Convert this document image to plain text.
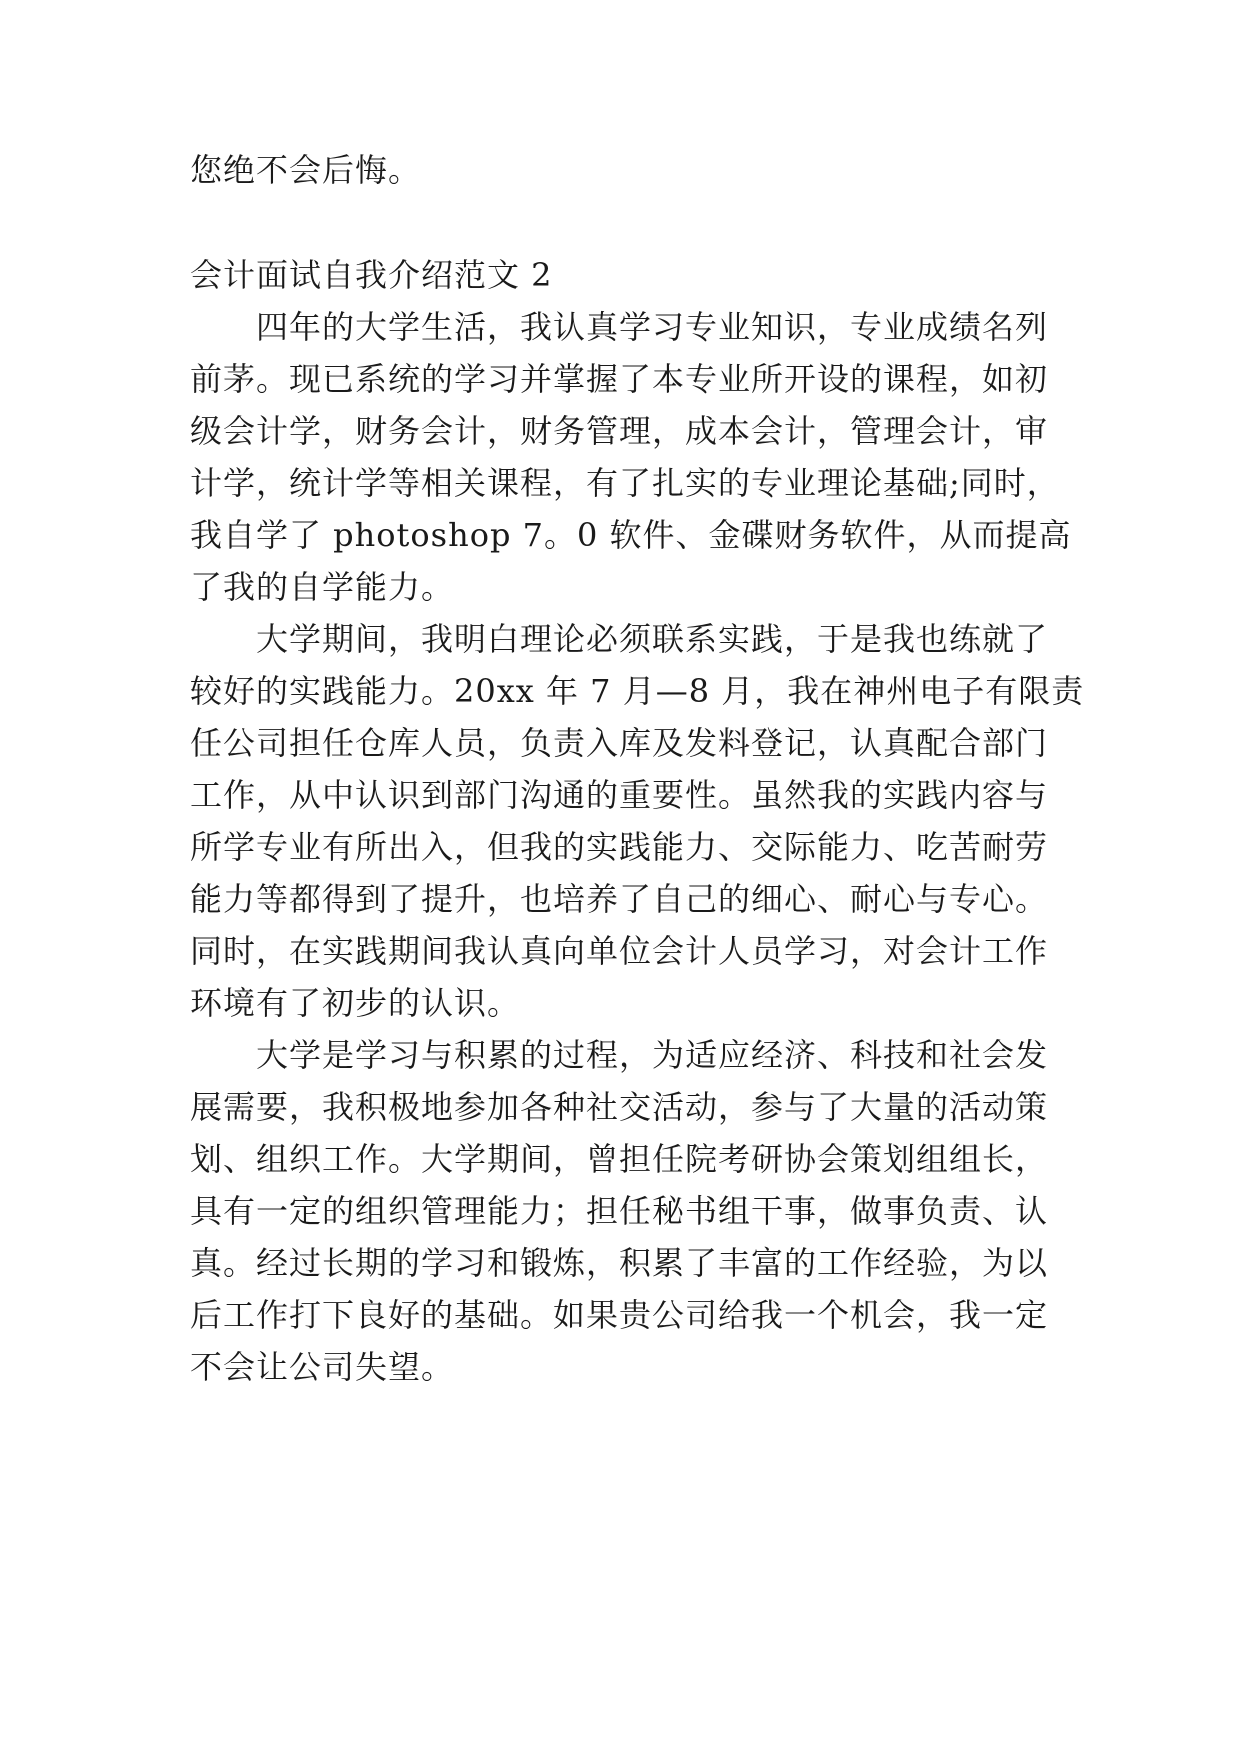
您绝不会后悔。
会计面试自我介绍范文 2
四年的大学生活，我认真学习专业知识，专业成绩名列
前茅。现已系统的学习并掌握了本专业所开设的课程，如初
级会计学，财务会计，财务管理，成本会计，管理会计，审
计学，统计学等相关课程，有了扎实的专业理论基础;同时，
我自学了 photoshop 7。0 软件、金碟财务软件，从而提高
了我的自学能力。
大学期间，我明白理论必须联系实践，于是我也练就了
较好的实践能力。20xx 年 7 月—8 月，我在神州电子有限责
任公司担任仓库人员，负责入库及发料登记，认真配合部门
工作，从中认识到部门沟通的重要性。虽然我的实践内容与
所学专业有所出入，但我的实践能力、交际能力、吃苦耐劳
能力等都得到了提升，也培养了自己的细心、耐心与专心。
同时，在实践期间我认真向单位会计人员学习，对会计工作
环境有了初步的认识。
大学是学习与积累的过程，为适应经济、科技和社会发
展需要，我积极地参加各种社交活动，参与了大量的活动策
划、组织工作。大学期间，曾担任院考研协会策划组组长，
具有一定的组织管理能力；担任秘书组干事，做事负责、认
真。经过长期的学习和锻炼，积累了丰富的工作经验，为以
后工作打下良好的基础。如果贵公司给我一个机会，我一定
不会让公司失望。
